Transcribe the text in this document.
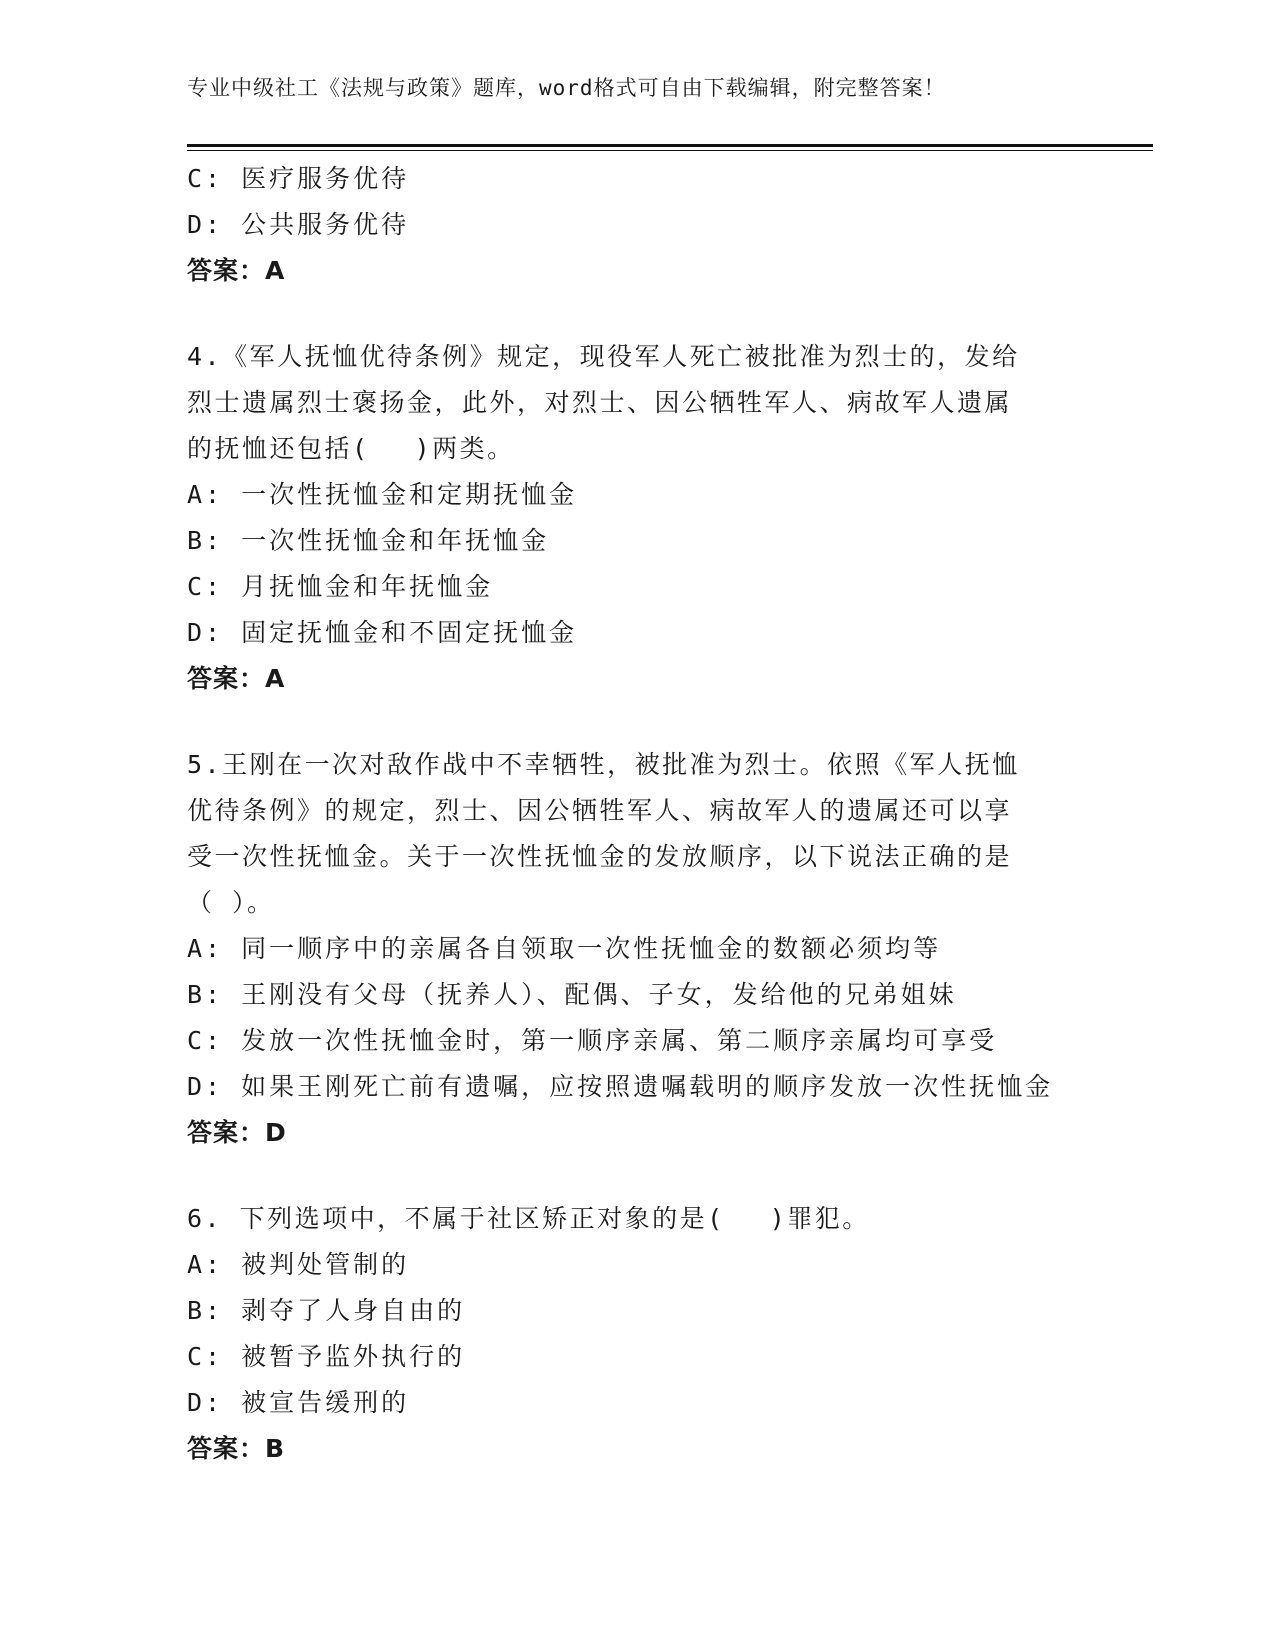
专业中级社工《法规与政策》题库，word格式可自由下载编辑，附完整答案！
C: 医疗服务优待
D: 公共服务优待
答案：A
4.《军人抚恤优待条例》规定，现役军人死亡被批准为烈士的，发给
烈士遗属烈士褒扬金，此外，对烈士、因公牺牲军人、病故军人遗属
的抚恤还包括(　 )两类。
A: 一次性抚恤金和定期抚恤金
B: 一次性抚恤金和年抚恤金
C: 月抚恤金和年抚恤金
D: 固定抚恤金和不固定抚恤金
答案：A
5.王刚在一次对敌作战中不幸牺牲，被批准为烈士。依照《军人抚恤
优待条例》的规定，烈士、因公牺牲军人、病故军人的遗属还可以享
受一次性抚恤金。关于一次性抚恤金的发放顺序，以下说法正确的是
（ ）。
A: 同一顺序中的亲属各自领取一次性抚恤金的数额必须均等
B: 王刚没有父母（抚养人）、配偶、子女，发给他的兄弟姐妹
C: 发放一次性抚恤金时，第一顺序亲属、第二顺序亲属均可享受
D: 如果王刚死亡前有遗嘱，应按照遗嘱载明的顺序发放一次性抚恤金
答案：D
6. 下列选项中，不属于社区矫正对象的是(　 )罪犯。
A: 被判处管制的
B: 剥夺了人身自由的
C: 被暂予监外执行的
D: 被宣告缓刑的
答案：B
